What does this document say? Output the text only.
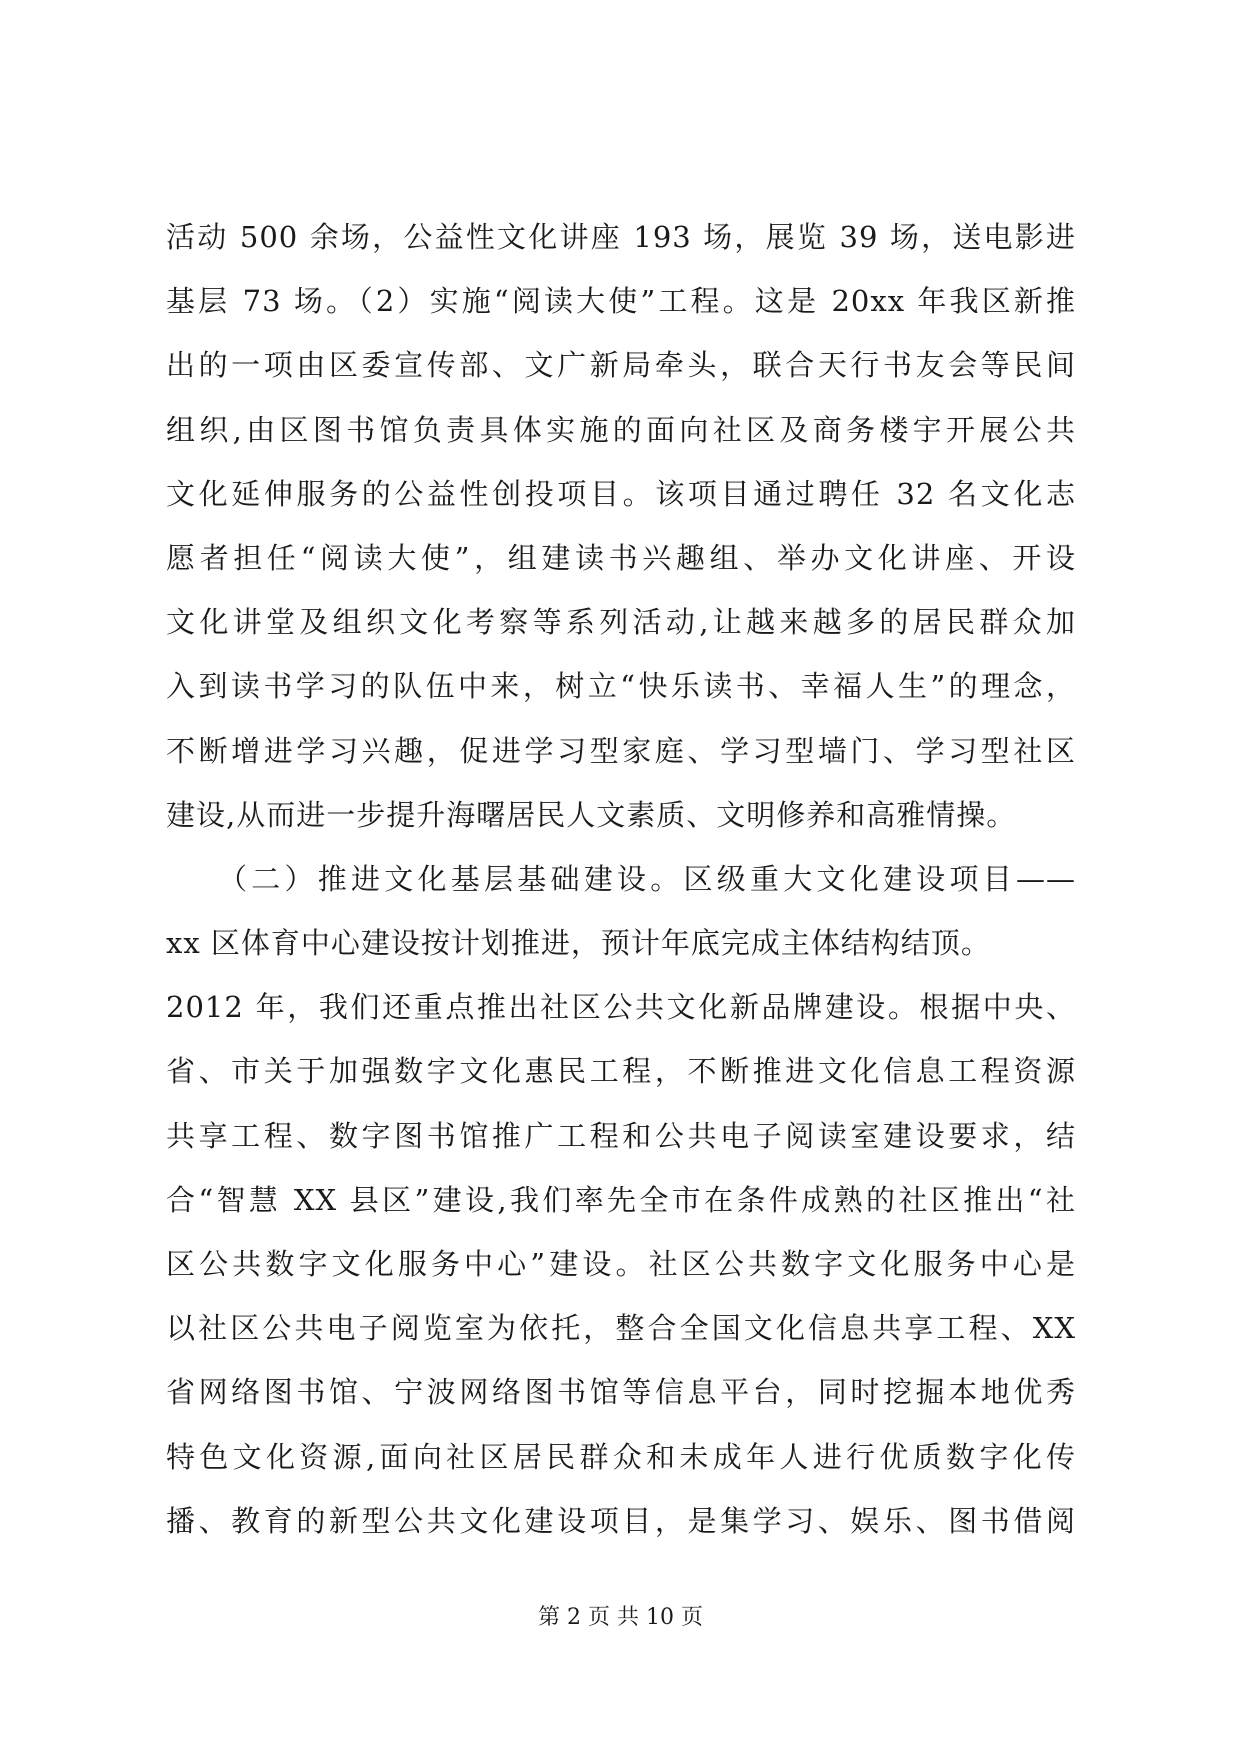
活动 500 余场，公益性文化讲座 193 场，展览 39 场，送电影进
基层 73 场。（2）实施“阅读大使”工程。这是 20xx 年我区新推
出的一项由区委宣传部、文广新局牵头，联合天行书友会等民间
组织,由区图书馆负责具体实施的面向社区及商务楼宇开展公共
文化延伸服务的公益性创投项目。该项目通过聘任 32 名文化志
愿者担任“阅读大使”，组建读书兴趣组、举办文化讲座、开设
文化讲堂及组织文化考察等系列活动,让越来越多的居民群众加
入到读书学习的队伍中来，树立“快乐读书、幸福人生”的理念，
不断增进学习兴趣，促进学习型家庭、学习型墙门、学习型社区
建设,从而进一步提升海曙居民人文素质、文明修养和高雅情操。
　　（二）推进文化基层基础建设。区级重大文化建设项目——
xx 区体育中心建设按计划推进，预计年底完成主体结构结顶。
2012 年，我们还重点推出社区公共文化新品牌建设。根据中央、
省、市关于加强数字文化惠民工程，不断推进文化信息工程资源
共享工程、数字图书馆推广工程和公共电子阅读室建设要求，结
合“智慧 XX 县区”建设,我们率先全市在条件成熟的社区推出“社
区公共数字文化服务中心”建设。社区公共数字文化服务中心是
以社区公共电子阅览室为依托，整合全国文化信息共享工程、XX
省网络图书馆、宁波网络图书馆等信息平台，同时挖掘本地优秀
特色文化资源,面向社区居民群众和未成年人进行优质数字化传
播、教育的新型公共文化建设项目，是集学习、娱乐、图书借阅
第 2 页 共 10 页
